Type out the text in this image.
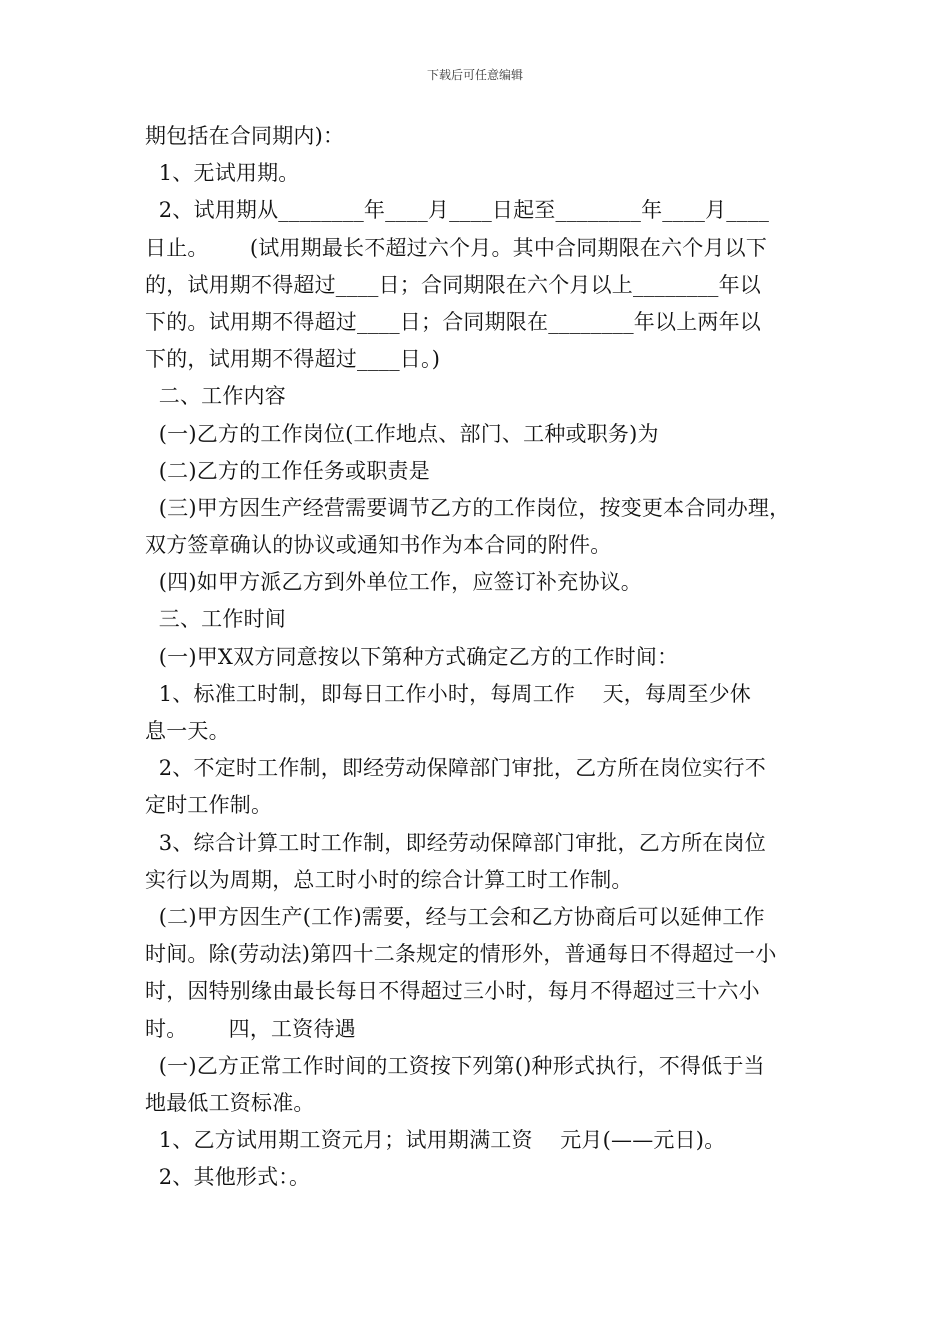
下载后可任意编辑
期包括在合同期内)：
1、无试用期。
2、试用期从________年____月____日起至________年____月____
日止。      (试用期最长不超过六个月。其中合同期限在六个月以下
的，试用期不得超过____日；合同期限在六个月以上________年以
下的。试用期不得超过____日；合同期限在________年以上两年以
下的，试用期不得超过____日。)
二、工作内容
(一)乙方的工作岗位(工作地点、部门、工种或职务)为
(二)乙方的工作任务或职责是
(三)甲方因生产经营需要调节乙方的工作岗位，按变更本合同办理，
双方签章确认的协议或通知书作为本合同的附件。
(四)如甲方派乙方到外单位工作，应签订补充协议。
三、工作时间
(一)甲X双方同意按以下第种方式确定乙方的工作时间：
1、标准工时制，即每日工作小时，每周工作    天，每周至少休
息一天。
2、不定时工作制，即经劳动保障部门审批，乙方所在岗位实行不
定时工作制。
3、综合计算工时工作制，即经劳动保障部门审批，乙方所在岗位
实行以为周期，总工时小时的综合计算工时工作制。
(二)甲方因生产(工作)需要，经与工会和乙方协商后可以延伸工作
时间。除(劳动法)第四十二条规定的情形外，普通每日不得超过一小
时，因特别缘由最长每日不得超过三小时，每月不得超过三十六小
时。      四，工资待遇
(一)乙方正常工作时间的工资按下列第()种形式执行，不得低于当
地最低工资标准。
1、乙方试用期工资元月；试用期满工资    元月(——元日)。
2、其他形式：。
